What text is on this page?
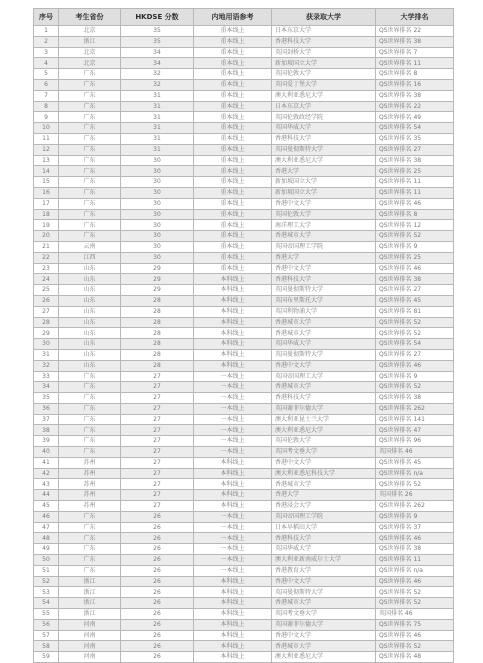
序号	考生省份	HKDSE 分数	内地用语参考	获录取大学	大学排名
1	北京	35	重本线上	日本东京大学	QS世界排名 22
2	浙江	35	重本线上	香港科技大学	QS世界排名 38
3	北京	34	重本线上	英国剑桥大学	QS世界排名 7
4	北京	34	重本线上	新加坡国立大学	QS世界排名 11
5	广东	32	重本线上	英国伦敦大学	QS世界排名 8
6	广东	32	重本线上	英国爱丁堡大学	QS世界排名 16
7	广东	31	重本线上	澳大利亚悉尼大学	QS世界排名 38
8	广东	31	重本线上	日本东京大学	QS世界排名 22
9	广东	31	重本线上	英国伦敦政经学院	QS世界排名 49
10	广东	31	重本线上	英国华威大学	QS世界排名 54
11	广东	31	重本线上	香港科技大学	QS世界排名 35
12	广东	31	重本线上	英国曼彻斯特大学	QS世界排名 27
13	广东	30	重本线上	澳大利亚悉尼大学	QS世界排名 38
14	广东	30	重本线上	香港大学	QS世界排名 25
15	广东	30	重本线上	新加坡国立大学	QS世界排名 11
16	广东	30	重本线上	新加坡国立大学	QS世界排名 11
17	广东	30	重本线上	香港中文大学	QS世界排名 46
18	广东	30	重本线上	英国伦敦大学	QS世界排名 8
19	广东	30	重本线上	南洋理工大学	QS世界排名 12
20	广东	30	重本线上	香港城市大学	QS世界排名 52
21	云南	30	重本线上	英国帝国理工学院	QS世界排名 9
22	江西	30	重本线上	香港大学	QS世界排名 25
23	山东	29	重本线上	香港中文大学	QS世界排名 46
24	山东	29	本科线上	香港科技大学	QS世界排名 38
25	山东	29	本科线上	英国曼彻斯特大学	QS世界排名 27
26	山东	28	本科线上	英国布里斯托大学	QS世界排名 45
27	山东	28	本科线上	英国利物浦大学	QS世界排名 81
28	山东	28	本科线上	香港城市大学	QS世界排名 52
29	山东	28	本科线上	香港城市大学	QS世界排名 52
30	山东	28	本科线上	英国华威大学	QS世界排名 54
31	山东	28	本科线上	英国曼彻斯特大学	QS世界排名 27
32	山东	28	本科线上	香港中文大学	QS世界排名 46
33	广东	27	一本线上	英国帝国理工大学	QS世界排名 9
34	广东	27	一本线上	香港城市大学	QS世界排名 52
35	广东	27	一本线上	香港科技大学	QS世界排名 38
36	广东	27	一本线上	英国谢菲尔德大学	QS世界排名 262
37	广东	27	一本线上	澳大利亚昆士兰大学	QS世界排名 141
38	广东	27	一本线上	澳大利亚悉尼大学	QS世界排名 47
39	广东	27	一本线上	英国伦敦大学	QS世界排名 96
40	广东	27	一本线上	英国考文垂大学	英国排名 46
41	苏州	27	本科线上	香港中文大学	QS世界排名 45
42	苏州	27	本科线上	澳大利亚悉尼科技大学	QS世界排名 n/a
43	苏州	27	本科线上	香港城市大学	QS世界排名 52
44	苏州	27	本科线上	香港大学	英国排名 26
45	苏州	27	本科线上	香港浸会大学	QS世界排名 262
46	广东	26	一本线上	英国帝国理工学院	QS世界排名 9
47	广东	26	一本线上	日本早稻田大学	QS世界排名 37
48	广东	26	一本线上	香港科技大学	QS世界排名 46
49	广东	26	一本线上	英国华威大学	QS世界排名 38
50	广东	26	一本线上	澳大利亚新南威尔士大学	QS世界排名 11
51	广东	26	一本线上	香港教育大学	QS世界排名 n/a
52	浙江	26	本科线上	香港中文大学	QS世界排名 46
53	浙江	26	本科线上	英国曼彻斯特大学	QS世界排名 52
54	浙江	26	本科线上	香港城市大学	QS世界排名 52
55	浙江	26	本科线上	英国考文垂大学	英国排名 46
56	河南	26	本科线上	英国谢菲尔德大学	QS世界排名 75
57	河南	26	本科线上	香港中文大学	QS世界排名 46
58	河南	26	本科线上	香港城市大学	QS世界排名 52
59	河南	26	本科线上	澳大利亚悉尼大学	QS世界排名 48
